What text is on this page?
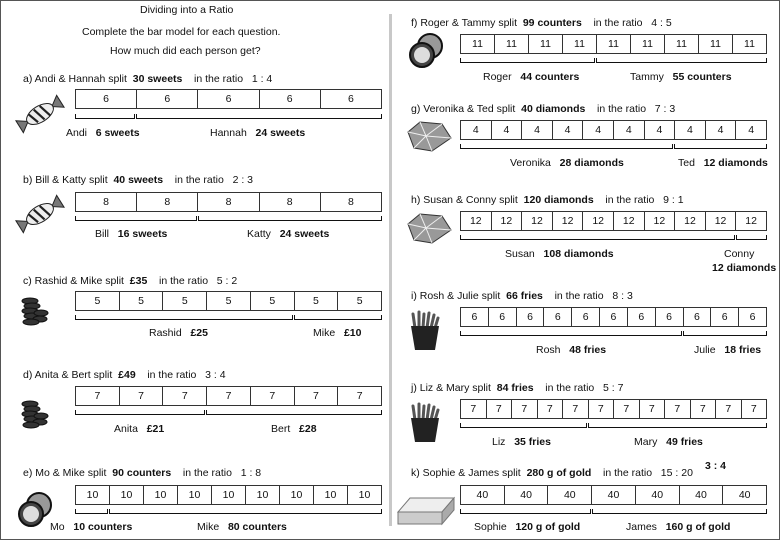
Dividing into a Ratio
Complete the bar model for each question.
How much did each person get?
a) Andi & Hannah split 30 sweets in the ratio 1 : 4
6	6	6	6	6
Andi 6 sweets	Hannah 24 sweets
b) Bill & Katty split 40 sweets in the ratio 2 : 3
8	8	8	8	8
Bill 16 sweets	Katty 24 sweets
c) Rashid & Mike split £35 in the ratio 5 : 2
5	5	5	5	5	5	5
Rashid £25	Mike £10
d) Anita & Bert split £49 in the ratio 3 : 4
7	7	7	7	7	7	7
Anita £21	Bert £28
e) Mo & Mike split 90 counters in the ratio 1 : 8
10	10	10	10	10	10	10	10	10
Mo 10 counters	Mike 80 counters
f) Roger & Tammy split 99 counters in the ratio 4 : 5
11	11	11	11	11	11	11	11	11
Roger 44 counters	Tammy 55 counters
g) Veronika & Ted split 40 diamonds in the ratio 7 : 3
4	4	4	4	4	4	4	4	4	4
Veronika 28 diamonds	Ted 12 diamonds
h) Susan & Conny split 120 diamonds in the ratio 9 : 1
12	12	12	12	12	12	12	12	12	12
Susan 108 diamonds	Conny
12 diamonds
i) Rosh & Julie split 66 fries in the ratio 8 : 3
6	6	6	6	6	6	6	6	6	6	6
Rosh 48 fries	Julie 18 fries
j) Liz & Mary split 84 fries in the ratio 5 : 7
7	7	7	7	7	7	7	7	7	7	7	7
Liz 35 fries	Mary 49 fries
k) Sophie & James split 280 g of gold in the ratio 15 : 20
3 : 4
40	40	40	40	40	40	40
Sophie 120 g of gold	James 160 g of gold
